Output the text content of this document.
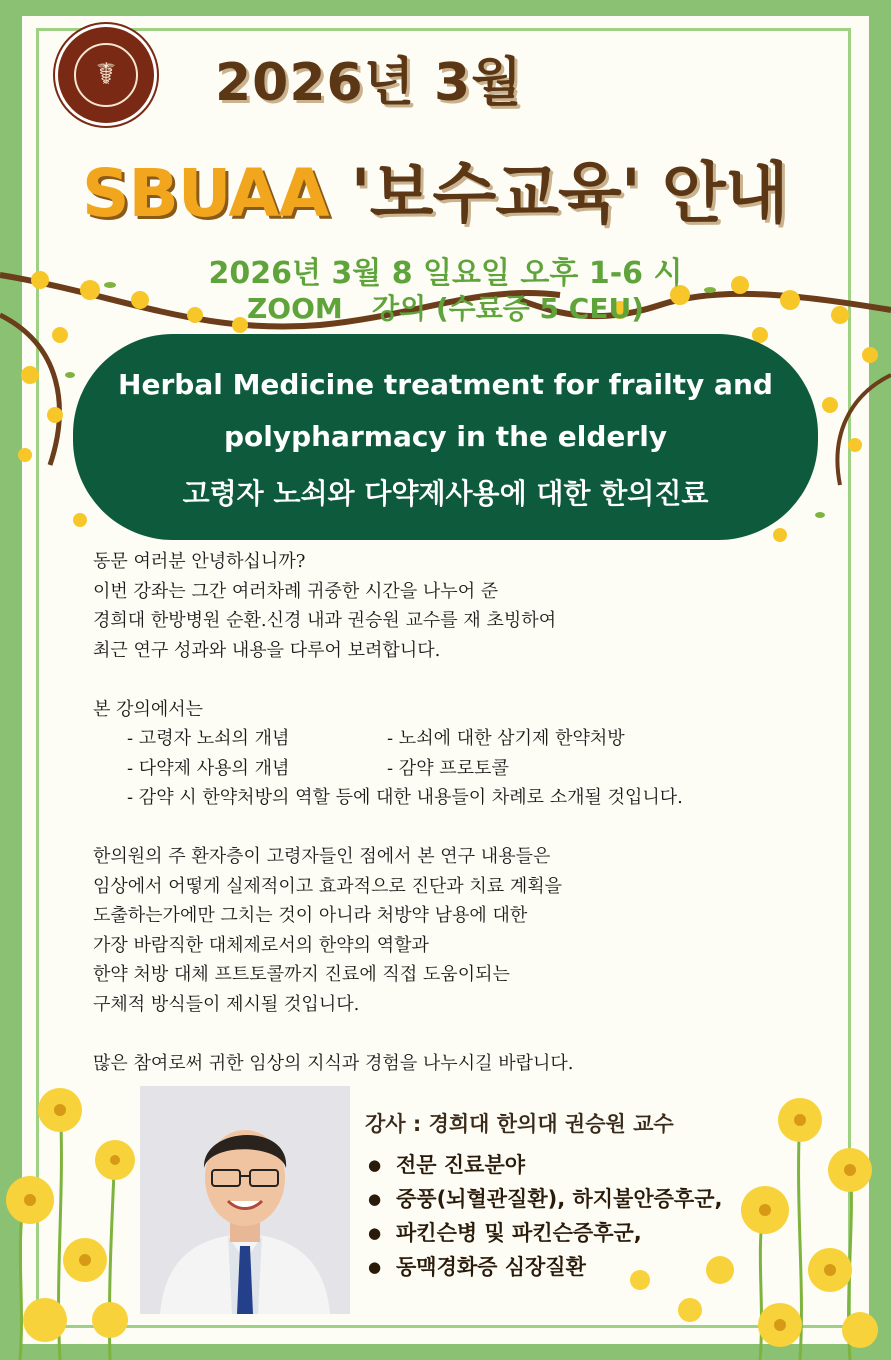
☤	2026년 3월
SBUAA '보수교육' 안내
2026년 3월 8 일요일 오후 1-6 시
ZOOM   강의 (수료증 5 CEU)
Herbal Medicine treatment for frailty and
polypharmacy in the elderly
고령자 노쇠와 다약제사용에 대한 한의진료

동문 여러분 안녕하십니까?

이번 강좌는 그간 여러차례 귀중한 시간을 나누어 준

경희대 한방병원 순환.신경 내과 권승원 교수를 재 초빙하여

최근 연구 성과와 내용을 다루어 보려합니다.

본 강의에서는

- 고령자 노쇠의 개념	- 노쇠에 대한 삼기제 한약처방

- 다약제 사용의 개념	- 감약 프로토콜

- 감약 시 한약처방의 역할 등에 대한 내용들이 차례로 소개될 것입니다.

한의원의 주 환자층이 고령자들인 점에서 본 연구 내용들은

임상에서 어떻게 실제적이고 효과적으로 진단과 치료 계획을

도출하는가에만 그치는 것이 아니라 처방약 남용에 대한

가장 바람직한 대체제로서의 한약의 역할과

한약 처방 대체 프트토콜까지 진료에 직접 도움이되는

구체적 방식들이 제시될 것입니다.

많은 참여로써 귀한 임상의 지식과 경험을 나누시길 바랍니다.

강사 : 경희대 한의대 권승원 교수
● 전문 진료분야
● 중풍(뇌혈관질환), 하지불안증후군,
● 파킨슨병 및 파킨슨증후군,
● 동맥경화증 심장질환
